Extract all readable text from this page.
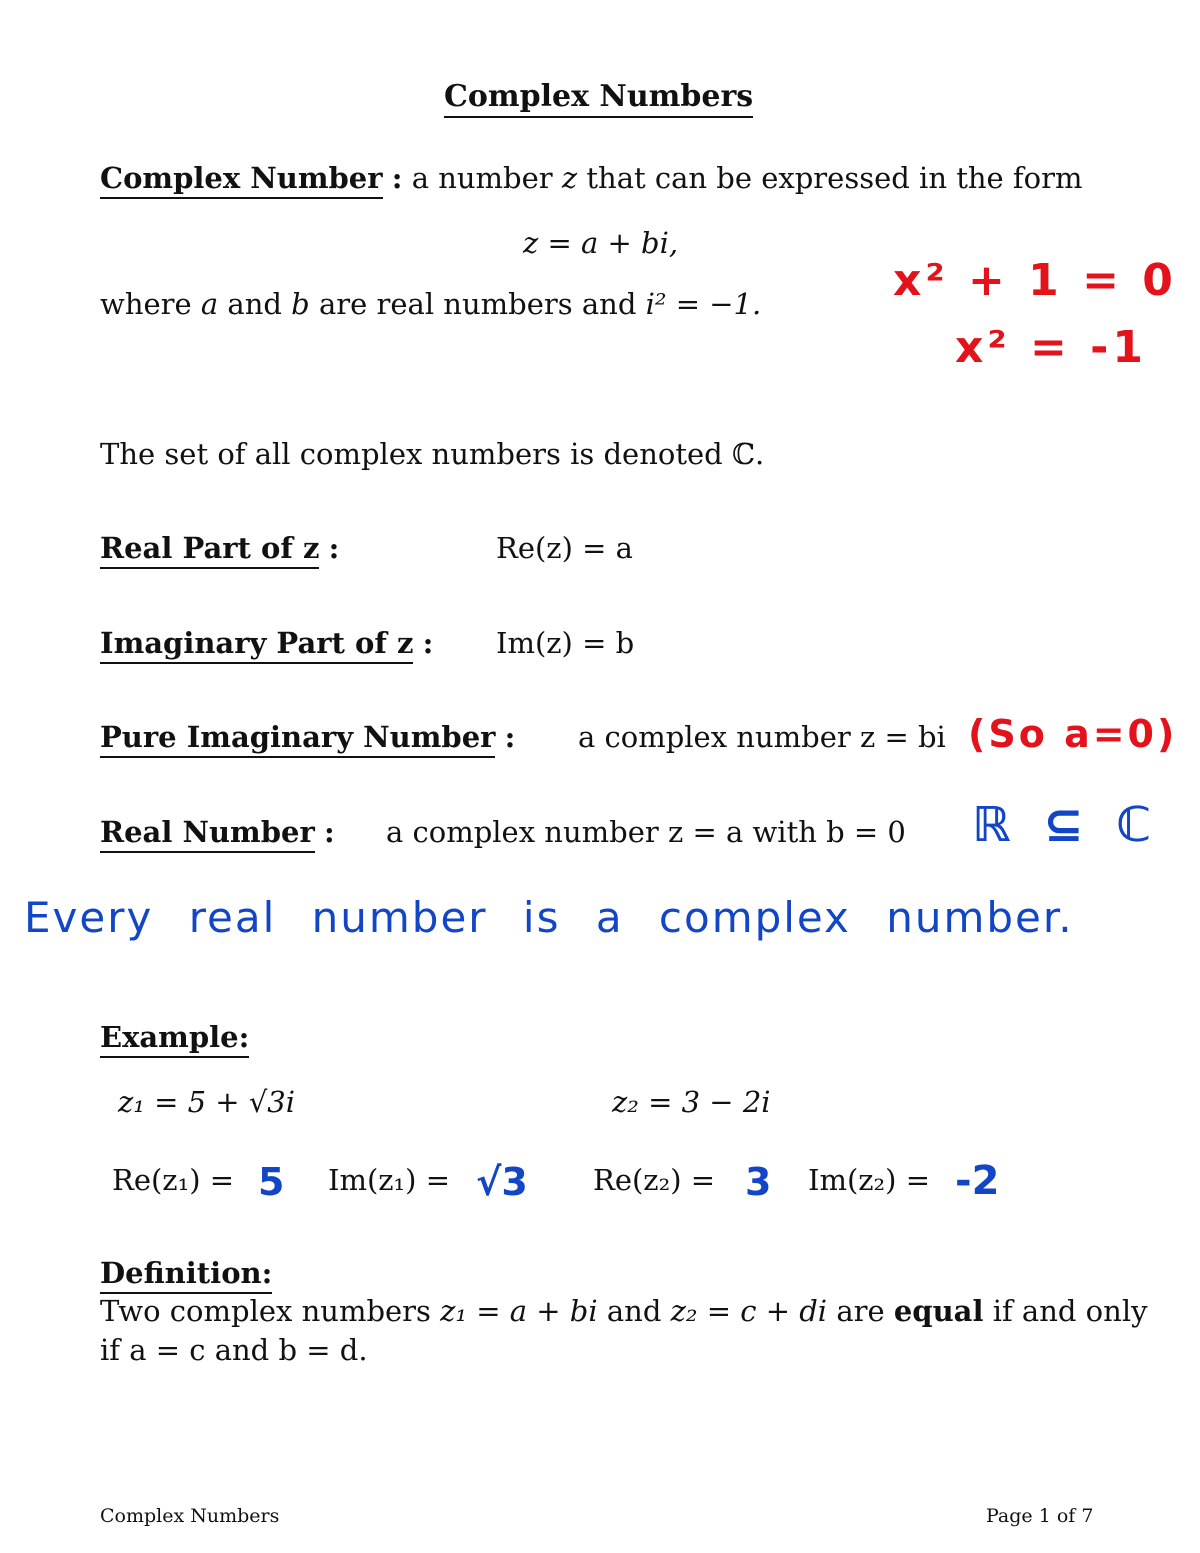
Complex Numbers
Complex Number : a number z that can be expressed in the form
z = a + bi,
where a and b are real numbers and i² = −1.	x² + 1 = 0
x² = -1
The set of all complex numbers is denoted ℂ.
Real Part of z :	Re(z) = a
Imaginary Part of z : Im(z) = b
Pure Imaginary Number : a complex number z = bi (So a=0)
Real Number : a complex number z = a with b = 0 ℝ ⊆ ℂ
Every real number is a complex number.
Example:
z₁ = 5 + √3i	z₂ = 3 − 2i
Re(z₁) = 5 Im(z₁) = √3 Re(z₂) = 3 Im(z₂) = -2
Definition:
Two complex numbers z₁ = a + bi and z₂ = c + di are equal if and only
if a = c and b = d.
Complex Numbers	Page 1 of 7
